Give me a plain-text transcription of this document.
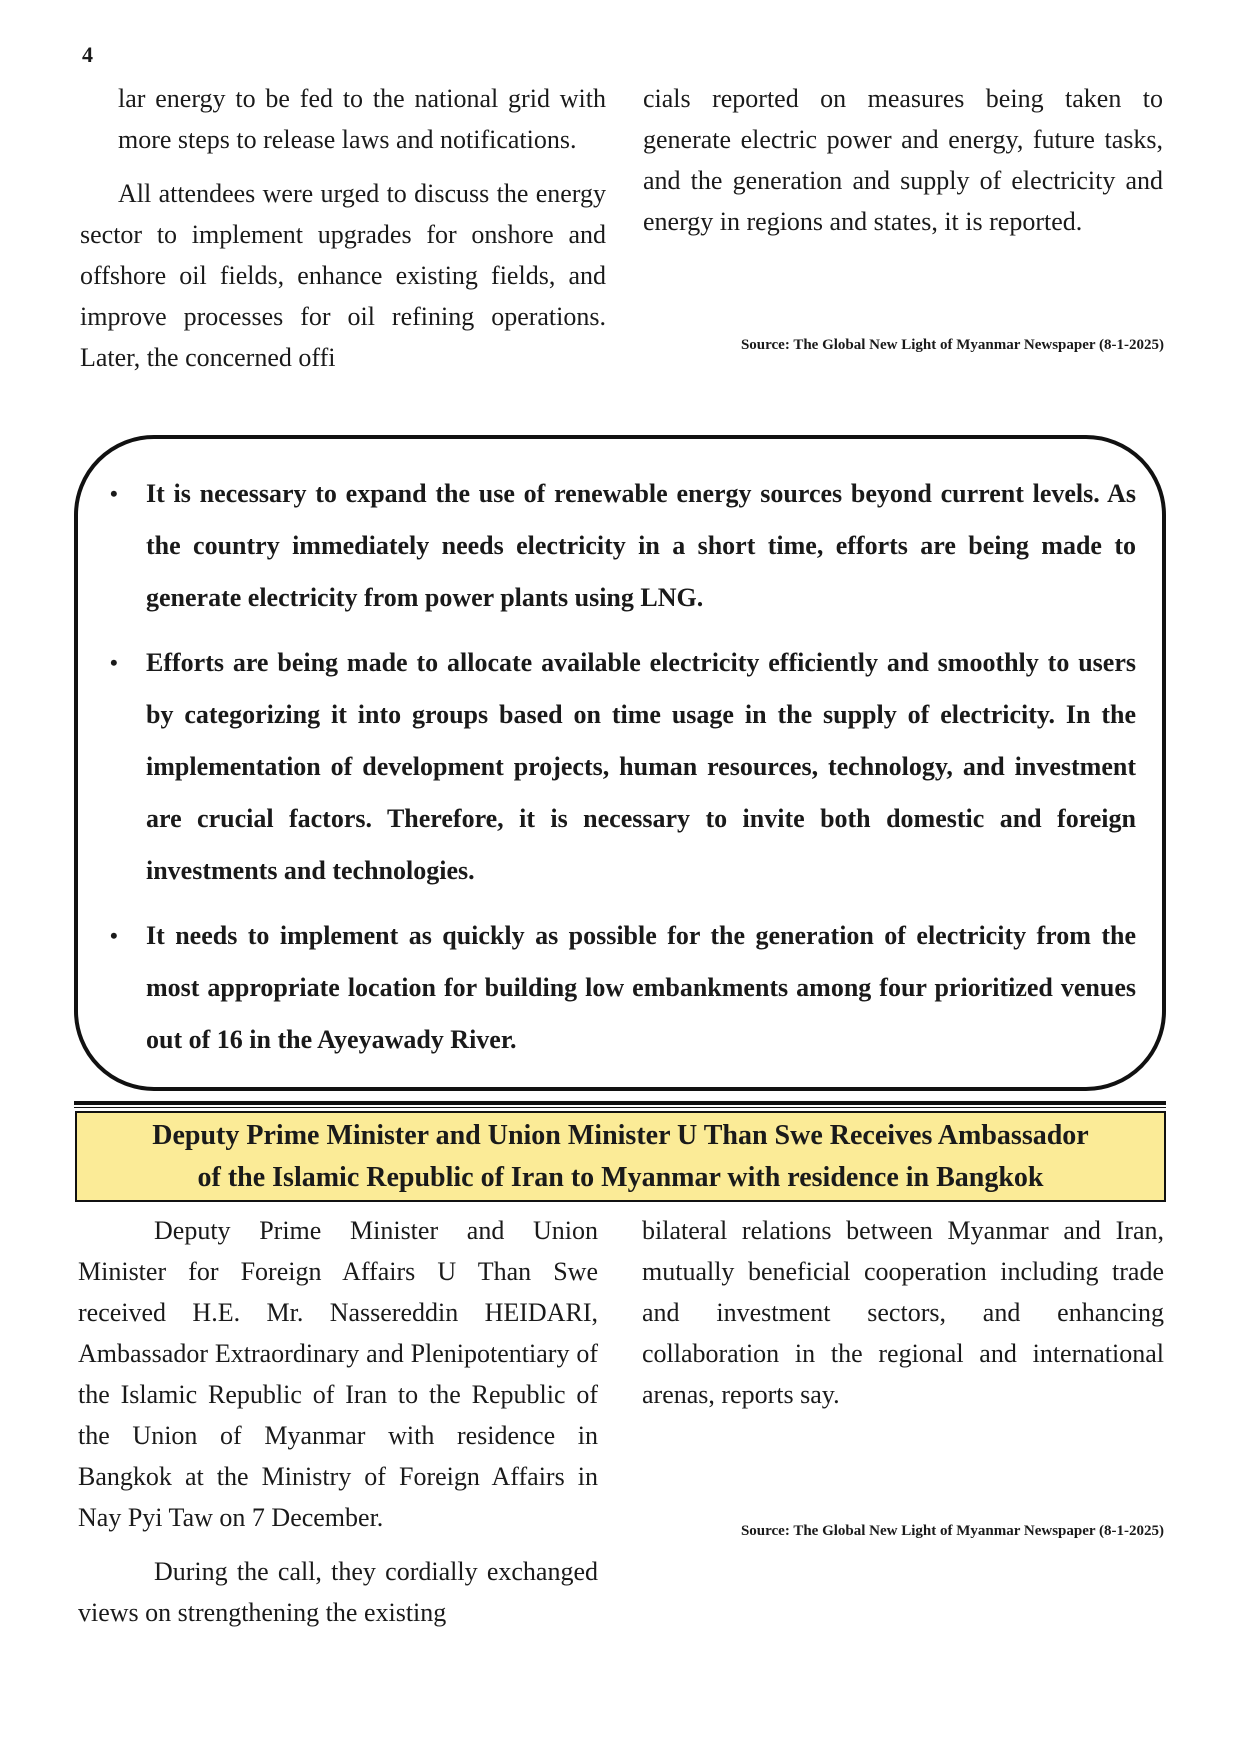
4

lar energy to be fed to the national grid with more steps to release laws and notifications.

All attendees were urged to discuss the energy sector to implement upgrades for onshore and offshore oil fields, enhance existing fields, and improve processes for oil refining operations. Later, the concerned offi

cials reported on measures being taken to generate electric power and energy, future tasks, and the generation and supply of electricity and energy in regions and states, it is reported.

Source: The Global New Light of Myanmar Newspaper (8-1-2025)
• It is necessary to expand the use of renewable energy sources beyond current levels. As the country immediately needs electricity in a short time, efforts are being made to generate electricity from power plants using LNG.
• Efforts are being made to allocate available electricity efficiently and smoothly to users by categorizing it into groups based on time usage in the supply of electricity. In the implementation of development projects, human resources, technology, and investment are crucial factors. Therefore, it is necessary to invite both domestic and foreign investments and technologies.
• It needs to implement as quickly as possible for the generation of electricity from the most appropriate location for building low embankments among four prioritized venues out of 16 in the Ayeyawady River.
Deputy Prime Minister and Union Minister U Than Swe Receives Ambassador
of the Islamic Republic of Iran to Myanmar with residence in Bangkok

Deputy Prime Minister and Union Minister for Foreign Affairs U Than Swe received H.E. Mr. Nassereddin HEIDARI, Ambassador Extraordinary and Plenipotentiary of the Islamic Republic of Iran to the Republic of the Union of Myanmar with residence in Bangkok at the Ministry of Foreign Affairs in Nay Pyi Taw on 7 December.

During the call, they cordially exchanged views on strengthening the existing

bilateral relations between Myanmar and Iran, mutually beneficial cooperation including trade and investment sectors, and enhancing collaboration in the regional and international arenas, reports say.

Source: The Global New Light of Myanmar Newspaper (8-1-2025)
